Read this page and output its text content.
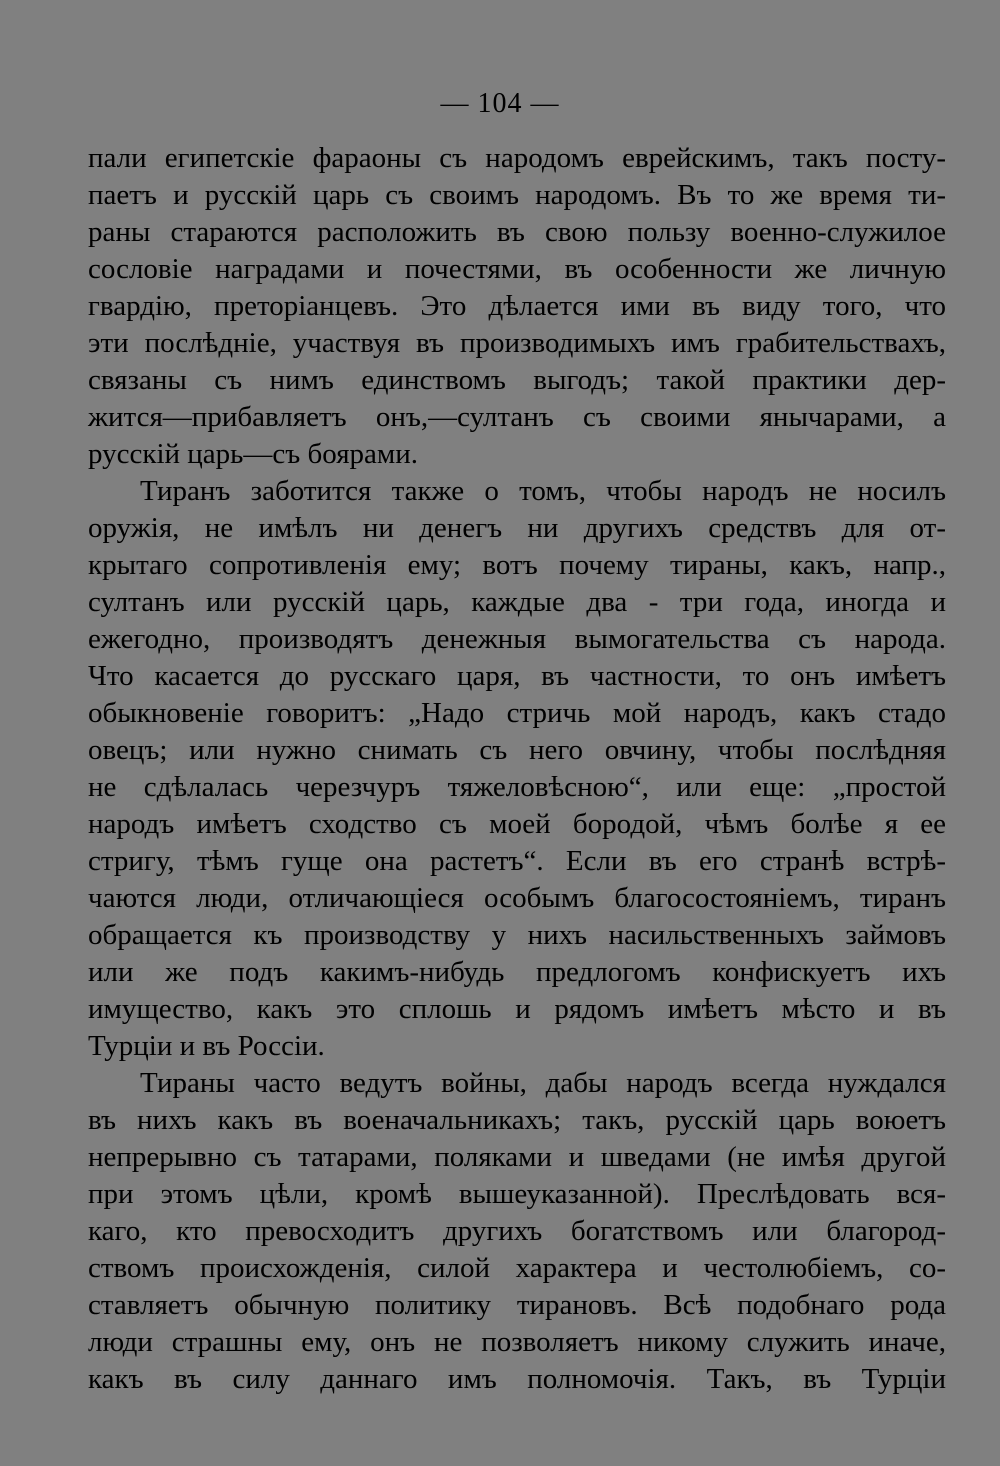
— 104 —
пали египетскіе фараоны съ народомъ еврейскимъ, такъ посту-
паетъ и русскій царь съ своимъ народомъ. Въ то же время ти-
раны стараются расположить въ свою пользу военно-служилое
сословіе наградами и почестями, въ особенности же личную
гвардію, преторіанцевъ. Это дѣлается ими въ виду того, что
эти послѣдніе, участвуя въ производимыхъ имъ грабительствахъ,
связаны съ нимъ единствомъ выгодъ; такой практики дер-
жится—прибавляетъ онъ,—султанъ съ своими янычарами, а
русскій царь—съ боярами.
Тиранъ заботится также о томъ, чтобы народъ не носилъ
оружія, не имѣлъ ни денегъ ни другихъ средствъ для от-
крытаго сопротивленія ему; вотъ почему тираны, какъ, напр.,
султанъ или русскій царь, каждые два - три года, иногда и
ежегодно, производятъ денежныя вымогательства съ народа.
Что касается до русскаго царя, въ частности, то онъ имѣетъ
обыкновеніе говоритъ: „Надо стричь мой народъ, какъ стадо
овецъ; или нужно снимать съ него овчину, чтобы послѣдняя
не сдѣлалась черезчуръ тяжеловѣсною“, или еще: „простой
народъ имѣетъ сходство съ моей бородой, чѣмъ болѣе я ее
стригу, тѣмъ гуще она растетъ“. Если въ его странѣ встрѣ-
чаются люди, отличающіеся особымъ благосостояніемъ, тиранъ
обращается къ производству у нихъ насильственныхъ займовъ
или же подъ какимъ-нибудь предлогомъ конфискуетъ ихъ
имущество, какъ это сплошь и рядомъ имѣетъ мѣсто и въ
Турціи и въ Россіи.
Тираны часто ведутъ войны, дабы народъ всегда нуждался
въ нихъ какъ въ военачальникахъ; такъ, русскій царь воюетъ
непрерывно съ татарами, поляками и шведами (не имѣя другой
при этомъ цѣли, кромѣ вышеуказанной). Преслѣдовать вся-
каго, кто превосходитъ другихъ богатствомъ или благород-
ствомъ происхожденія, силой характера и честолюбіемъ, со-
ставляетъ обычную политику тирановъ. Всѣ подобнаго рода
люди страшны ему, онъ не позволяетъ никому служить иначе,
какъ въ силу даннаго имъ полномочія. Такъ, въ Турціи
